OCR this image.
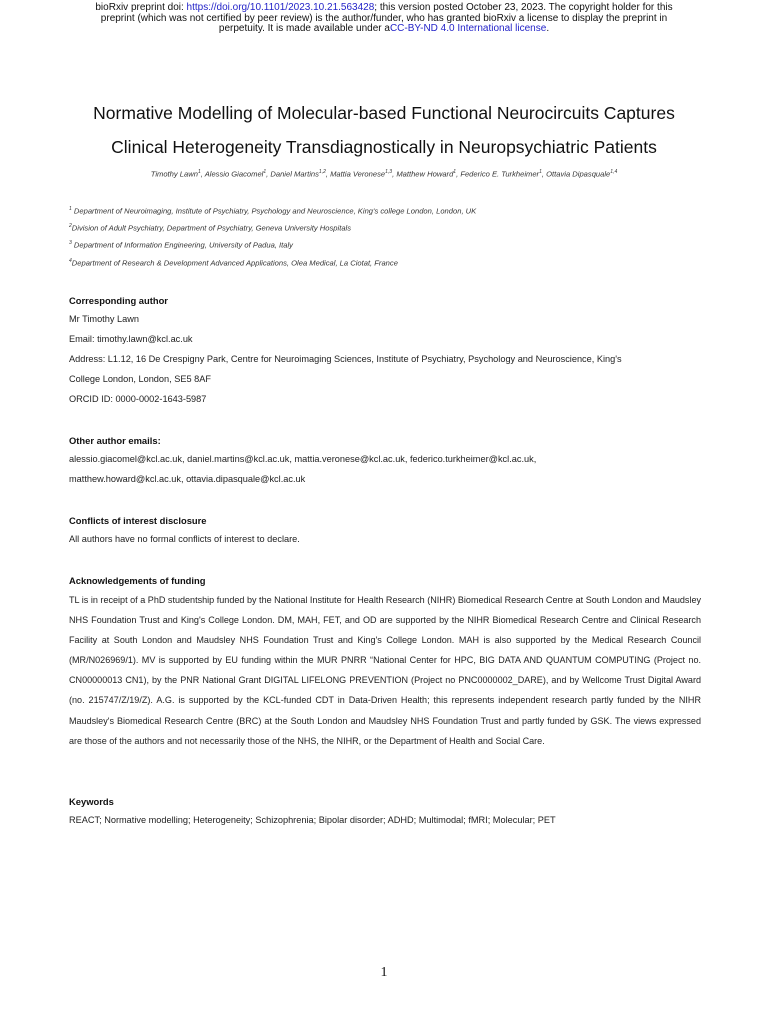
bioRxiv preprint doi: https://doi.org/10.1101/2023.10.21.563428; this version posted October 23, 2023. The copyright holder for this
preprint (which was not certified by peer review) is the author/funder, who has granted bioRxiv a license to display the preprint in
perpetuity. It is made available under aCC-BY-ND 4.0 International license.
Normative Modelling of Molecular-based Functional Neurocircuits Captures
Clinical Heterogeneity Transdiagnostically in Neuropsychiatric Patients
Timothy Lawn$^1$, Alessio Giacomel$^1$, Daniel Martins$^{1,2}$, Mattia Veronese$^{1,3}$, Matthew Howard$^1$, Federico E. Turkheimer$^1$, Ottavia Dipasquale$^{1,4}$
$^1$ Department of Neuroimaging, Institute of Psychiatry, Psychology and Neuroscience, King's college London, London, UK
$^2$Division of Adult Psychiatry, Department of Psychiatry, Geneva University Hospitals
$^3$ Department of Information Engineering, University of Padua, Italy
$^4$Department of Research & Development Advanced Applications, Olea Medical, La Ciotat, France

Corresponding author

Mr Timothy Lawn

Email: timothy.lawn@kcl.ac.uk

Address: L1.12, 16 De Crespigny Park, Centre for Neuroimaging Sciences, Institute of Psychiatry, Psychology and Neuroscience, King's

College London, London, SE5 8AF

ORCID ID: 0000-0002-1643-5987

Other author emails:

alessio.giacomel@kcl.ac.uk, daniel.martins@kcl.ac.uk, mattia.veronese@kcl.ac.uk, federico.turkheimer@kcl.ac.uk,

matthew.howard@kcl.ac.uk, ottavia.dipasquale@kcl.ac.uk

Conflicts of interest disclosure

All authors have no formal conflicts of interest to declare.

Acknowledgements of funding

TL is in receipt of a PhD studentship funded by the National Institute for Health Research (NIHR) Biomedical Research Centre at South London and Maudsley NHS Foundation Trust and King's College London. DM, MAH, FET, and OD are supported by the NIHR Biomedical Research Centre and Clinical Research Facility at South London and Maudsley NHS Foundation Trust and King's College London. MAH is also supported by the Medical Research Council (MR/N026969/1). MV is supported by EU funding within the MUR PNRR “National Center for HPC, BIG DATA AND QUANTUM COMPUTING (Project no. CN00000013 CN1), by the PNR National Grant DIGITAL LIFELONG PREVENTION (Project no PNC0000002_DARE), and by Wellcome Trust Digital Award (no. 215747/Z/19/Z). A.G. is supported by the KCL-funded CDT in Data-Driven Health; this represents independent research partly funded by the NIHR Maudsley's Biomedical Research Centre (BRC) at the South London and Maudsley NHS Foundation Trust and partly funded by GSK. The views expressed are those of the authors and not necessarily those of the NHS, the NIHR, or the Department of Health and Social Care.

Keywords

REACT; Normative modelling; Heterogeneity; Schizophrenia; Bipolar disorder; ADHD; Multimodal; fMRI; Molecular; PET

1
